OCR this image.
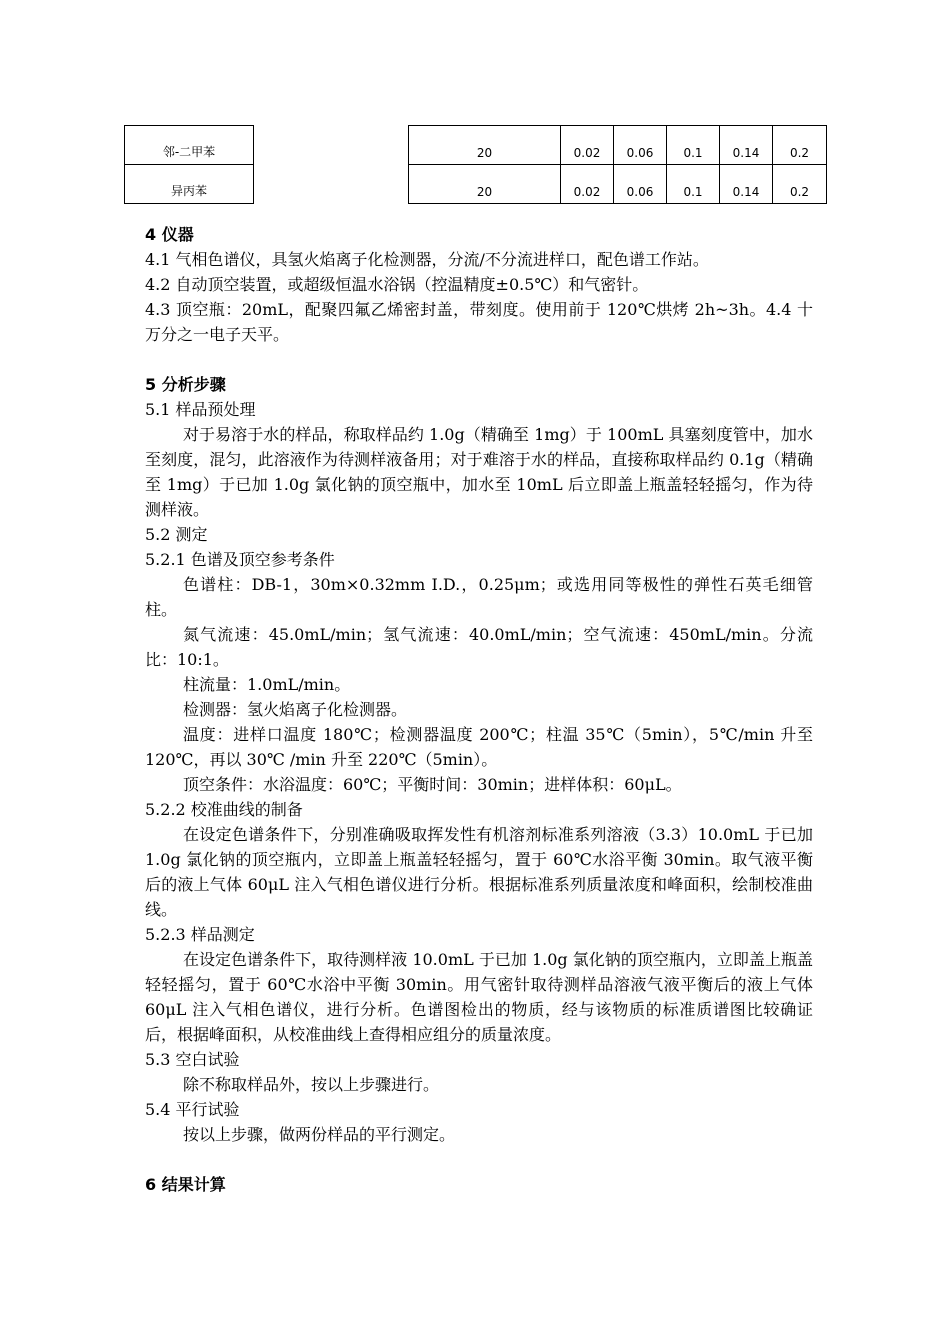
邻-二甲苯		20	0.02	0.06	0.1	0.14	0.2
异丙苯		20	0.02	0.06	0.1	0.14	0.2
4 仪器
4.1 气相色谱仪，具氢火焰离子化检测器，分流/不分流进样口，配色谱工作站。
4.2 自动顶空装置，或超级恒温水浴锅（控温精度±0.5℃）和气密针。
4.3 顶空瓶：20mL，配聚四氟乙烯密封盖，带刻度。使用前于 120℃烘烤 2h~3h。4.4 十万分之一电子天平。
5 分析步骤
5.1 样品预处理
对于易溶于水的样品，称取样品约 1.0g（精确至 1mg）于 100mL 具塞刻度管中，加水至刻度，混匀，此溶液作为待测样液备用；对于难溶于水的样品，直接称取样品约 0.1g（精确至 1mg）于已加 1.0g 氯化钠的顶空瓶中，加水至 10mL 后立即盖上瓶盖轻轻摇匀，作为待测样液。
5.2 测定
5.2.1 色谱及顶空参考条件
色谱柱：DB-1，30m×0.32mm I.D.，0.25μm；或选用同等极性的弹性石英毛细管柱。
氮气流速：45.0mL/min；氢气流速：40.0mL/min；空气流速：450mL/min。分流比：10:1。
柱流量：1.0mL/min。
检测器：氢火焰离子化检测器。
温度：进样口温度 180℃；检测器温度 200℃；柱温 35℃（5min），5℃/min 升至 120℃，再以 30℃ /min 升至 220℃（5min）。
顶空条件：水浴温度：60℃；平衡时间：30min；进样体积：60μL。
5.2.2 校准曲线的制备
在设定色谱条件下，分别准确吸取挥发性有机溶剂标准系列溶液（3.3）10.0mL 于已加 1.0g 氯化钠的顶空瓶内，立即盖上瓶盖轻轻摇匀，置于 60℃水浴平衡 30min。取气液平衡后的液上气体 60μL 注入气相色谱仪进行分析。根据标准系列质量浓度和峰面积，绘制校准曲线。
5.2.3 样品测定
在设定色谱条件下，取待测样液 10.0mL 于已加 1.0g 氯化钠的顶空瓶内，立即盖上瓶盖轻轻摇匀，置于 60℃水浴中平衡 30min。用气密针取待测样品溶液气液平衡后的液上气体 60μL 注入气相色谱仪，进行分析。色谱图检出的物质，经与该物质的标准质谱图比较确证后，根据峰面积，从校准曲线上查得相应组分的质量浓度。
5.3 空白试验
除不称取样品外，按以上步骤进行。
5.4 平行试验
按以上步骤，做两份样品的平行测定。
6 结果计算
